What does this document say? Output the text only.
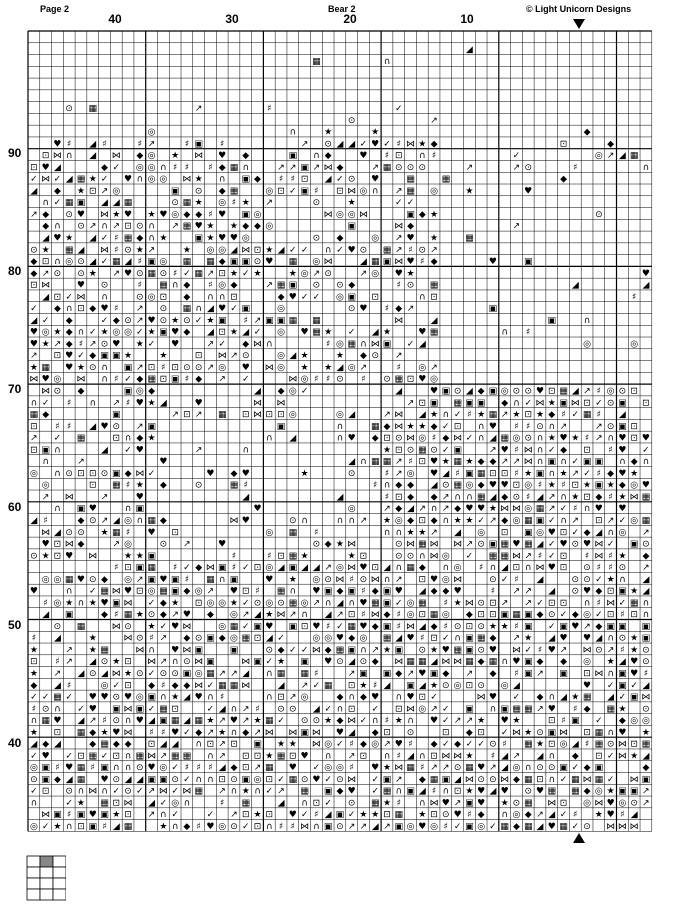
Page 2	Bear 2	© Light Unicorn Designs
40	30	20	10
90
80
70
60
50
40
◢
▦	∩
⊙ ▦	↗	♯	✓
⊙	↗
◎	∩	★	★	◆
♥ ♯ ◢ ♯	♯ ↗	♯ ▣ ♯	↗ ⊙ ◢ ◢ ✓ ♥ ✓ ♯ ⋈ ★ ◆	⊡	◆
⊡ ⋈ ∩ ◢ ⋈ ◆ ◎ ★ ⋈ ♥ ◆	▣ ∩ ◆	♥ ♯ ⊡ ∩ ♯	✓	◎ ↗ ◢ ▦
⊡ ♥ ◢	◆ ✓ ◎ ◎ ∩ ♯ ♯ ♯ ◆ ▦ ∩	↗ ↗ ▣ ↗ ⋈ ◆	↗ ▦ ⊙ ⊙ ⊙	↗	↗ ⊙	♯	∩
✓ ⋈ ✓ ◢ ▦ ★ ✓ ♥ ∩ ◎ ◎ ⋈ ★ ∩ ▣ ◆ ♯ ♯ ⊡ ◢ ✓ ⊙ ♥	▦	▦	◆
◢ ◆ ★ ⊡ ↗ ◎	▣ ⊙ ◆ ▦	◎ ⊡ ✓ ▣ ♯ ⊡ ⋈ ◎ ∩ ↗ ▦ ◎	★	♥
∩ ✓ ▦ ▣ ◢ ◢ ▦	⊙ ▦ ★ ◎ ♯ ★ ↗	⊙	★	✓ ✓
↗ ◆ ⊙ ♥ ⋈ ★ ♥ ★ ♥ ◎ ◆ ◆ ♯ ♥ ▣ ◎	⋈ ◎ ◎ ⋈	▣ ◆ ★	⊙
◆ ∩ ⊙ ↗ ∩ ↗ ⊡ ⊙ ∩ ↗ ▦ ♥ ★ ★ ◆ ◆ ◎	▣	⋈ ◆	↗
◢ ♥ ★ ◢ ✓ ♯ ▦ ◆ ∩ ★	▣ ★ ♥ ♥ ◎	⊙ ◆	◎ ↗ ♥ ★	▦
⊙ ★ ▦ ◢ ⋈ ♯ ⊙ ★ ↗	★ ◎ ◎ ◢ ⋈ ⊡ ★ ◢ ✓ ✓ ∩ ✓ ♥ ⊙ ▦ ↗ ♯ ⊙ ↗
◆ ⊡ ∩ ◎ ⊙ ◢ ✓ ▦ ◢ ♯ ▣ ◎ ▦ ▦ ◆ ▣ ▣ ⊙ ♥ ▦ ◎ ⋈	◢ ▦ ▣ ⋈ ♥ ♯ ◆	♥	▣
◆ ↗ ⊙ ⊙ ★ ↗ ♥ ⊙ ▦ ⊙ ♯ ✓ ▦ ↗ ⊡ ★ ✓ ★	★ ◎ ↗ ⊙	↗ ◎ ♥ ★	♥
⊡ ⋈	♥ ⊙	♯ ▦ ∩ ◆ ♯ ◎ ◆	↗ ▦ ▣ ⊙ ⊙ ◆	♯ ⊙ ▦	◢	◢
◢ ⊡ ✓ ⋈ ∩	⊙ ◎ ⊡ ◆ ∩ ∩ ⊡	◆ ♥ ✓ ✓ ◎ ▣ ⊡	∩ ⊡	♯
✓ ◆ ∩ ⊡ ◆ ♥ ♯ ↗ ⊙ ▦ ∩ ◢ ♥ ✓ ▣	◎	⊙ ♥ ♯ ◆ ↗	▣
◢ ✓ ◆	✓ ◆ ⊙ ↗ ♥ ⊙ ★ ⊙ ✓ ★ ▣ ♯ ↗ ▣ ▣ ▦ ▦	⋈	◢	▣	∩
♥ ◎ ★ ◆ ∩ ✓ ★ ◎ ◎ ✓ ★ ▣ ♥ ◆ ◢ ⊡ ★ ◢ ✓ ◎ ♥ ▦ ★ ✓ ◢ ★	♥ ▦	∩ ♯
♥ ★ ↗ ◆ ♯ ↗ ⊙ ♥ ★ ✓ ♥	↗ ✓ ◆ ⋈ ∩	♯ ◎ ▦ ∩ ⋈ ▣ ✓ ◢	◎	◎
↗ ⊡ ♥ ✓ ◆ ▣ ▣ ★	★	⊡ ⋈ ↗ ⊙	◎ ◢ ★	★ ◆ ⊙ ↗
★ ▦ ♥ ★ ⊙ ∩ ▣ ↗ ⊡ ♯ ⊡ ⊙ ⊙ ↗ ◎ ♥ ⋈ ◎ ★ ★ ◢ ◎ ↗	♯ ◎ ↗
⋈ ♥ ◎ ⋈ ∩ ♯ ✓ ◆ ▦ ⊡ ▣ ♯ ◆ ↗ ✓	⋈ ◎ ♯ ♯ ⊙ ♯ ⊙ ▦ ⊡ ♥ ◎
⋈ ⊙ ◆	▣ ◎ ◆	◢ ◆ ◎ ✓	◢	♥ ▣ ⊙ ◢ ◆ ▣ ◎ ⊙ ⊙ ♥ ⊡ ▦ ◢ ↗ ♯ ◎ ⊙ ⊡
∩ ✓ ♯ ∩ ↗ ♯ ♥ ★ ◢	♥	⋈ ⋈	↗ ⊡ ▣ ▦ ▣ ▣ ◆ ∩ ✓ ⋈ ★ ▣ ⋈ ⊡ ✓ ⊙ ▣ ⊡
▦ ◆	▣	↗ ⊡ ↗ ▦ ⊡ ⋈ ⊡ ⊡ ◎	◎ ◢	↗ ⋈ ◢ ★ ∩ ✓ ♯ ★ ▦ ↗ ★ ⊡ ★ ◆ ♯ ✓ ▦ ♯ ◢
⊡ ♯ ♯ ◢ ♥ ⊙ ↗ ▣	▣	∩	▦ ◆ ⋈ ★ ★ ◆ ✓ ⊡ ∩ ♥ ♯ ♯ ⊙ ∩ ↗	↗ ⊙ ▣ ⊡
↗ ✓ ▦	⊡ ∩ ◆ ★	∩ ◢	∩ ♥ ◆ ⊡ ⊙ ⋈ ◎ ♯ ◆ ⋈ ✓ ∩ ◢ ▦ ◎ ⊙ ∩ ★ ♥ ★ ♯ ↗ ∩ ♥ ⊡ ♥
⊡ ▣ ∩	◢ ✓ ♥	↗	∩	★ ⊡ ⊙ ▦ ⊙ ✓ ▣	↗ ♥ ♯ ⋈ ∩ ✓ ◆ ⊡ ♯ ♥ ✓
∩	↗	♥	◢ ∩ ▦ ▦ ↗ ♯ ⊡ ♥ ★ ▦ ★ ◆ ◆ ↗ ↗ ⋈ ∩ ▣ ∩ ✓ ▣ ▣ ∩ ◆ ∩
◎ ∩ ⊙ ⊡ ⊡ ⊙ ▣ ◆ ⋈ ✓	♥ ◆ ♥	★	⊙	♯ ↗ ◎ ♥ ◢ ♯ ▣ ▦ ⊡ ⊡ ♯ ★ ▣ ∩ ★ ↗ ✓ ♯ ◆ ♥ ★
◎	⊡ ▦ ♯ ★ ◆	⊙	▦ ♯	♯ ∩ ◆ ◆ ◢ ⊙ ▦ ◎ ◆ ♥ ♥ ⊡ ◎ ♯ ★ ♯ ⊡ ★ ▣ ★ ◆ ◎ ♥
↗ ⋈	↗	♥	◢	◢	♯ ⊡ ◆ ◆ ↗ ∩ ∩ ▦ ◢ ◆ ⊙ ♯ ◢ ↗ ∩ ★ ⊡ ◆ ♯ ★ ⋈ ▦
∩ ▣ ♥	∩ ▣	♥	◎	↗ ◆ ◢ ↗ ∩ ↗ ◆ ♥ ♥ ★ ⋈ ⋈ ◎ ▦ ↗ ✓ ♯ ∩ ♥ ♥
◢ ♯	◆ ⊙ ↗ ◢ ◎ ∩ ▦ ◆	⋈ ♥	⊙ ∩	∩ ∩ ↗ ★ ◎ ◆ ⊡ ◆ ∩ ★ ★ ✓ ↗ ◆ ◎ ▦ ▣ ✓ ∩ ↗ ⊡ ↗ ✓ ◎ ▦
⋈ ◢ ⊙ ⊙ ★ ▦ ♯ ♥ ⊡	◎ ▦ ♯	∩ ∩ ★ ★ ↗ ◢ ◎ ⊡ ▣ ◎ ♥ ⊡ ✓ ◆ ◢ ∩ ◎ ↗
♥ ⊡ ⋈ ◆	↗ ◎	⊙ ↗	♥	⊙ ◆ ★ ⋈	⊙ ⋈ ▦ ⋈ ⋈ ↗ ⊙ ▣ ▦ ♥ ▦ ◢ ✓ ♥ ⊙ ♥ ⋈ ✓ ▣ ⊙
⊙ ★ ⊡ ♥ ⋈	★ ★ ▣	♯	♯ ⊡ ▦ ★	★ ⊡	⊙ ⊙ ∩ ⋈ ◎ ✓ ▦ ▦ ⋈ ↗ ♯ ✓ ⊡ ♯ ⋈ ♯ ★ ◆
♯ ⊡ ▣ ▦ ♯ ✓ ◆ ⋈ ▣ ♯ ✓ ⊡ ◎ ◢ ▣ ◢ ◢ ↗ ◎ ⋈ ♥ ⊡ ◢ ∩ ▦ ◆ ∩ ◎ ♯ ∩ ◢ ⊡ ∩ ⋈ ♥ ⊡ ⊙ ♯ ♯ ⊙ ↗
◎ ◎ ▦ ♥ ⊙ ◆ ◎ ↗ ▣ ♥ ▣ ♯ ▦ ∩ ▣	♥ ★ ◎ ⊙ ⋈ ♯ ⊙ ⋈ ∩ ↗ ⊡ ♥ ◎ ⋈	⊙ ✓ ♯ ◢	⊙ ⊙ ✓ ★ ∩ ◢
♥	∩ ✓ ▦ ⋈ ♥ ⊡ ◎ ▦ ▣ ◆ ◎ ↗ ♥ ⊡ ♯ ▦ ∩ ♥ ▣ ◆ ▣ ♯ ◆ ▣ ♥ ◢ ◆ ◆ ♥	♯ ↗ ↗ ◢ ⊙ ♥ ◆ ⊡ ▣ ★ ◢
♯ ◎ ★ ∩ ★ ♥ ▣ ⋈ ✓ ◆ ★ ⊡ ◎ ◎ ★ ✓ ⊙ ◎ ⊙ ▦ ◎ ↗ ∩ ◢ ∩ ♥ ▦ ▣ ✓ ◎ ▦ ♯ ★ ⋈ ⊙ ⊡ ↗ ↗ ✓ ⊡ ⊡ ∩ ♯ ⋈ ✓ ▦ ∩
◢ ▣	◆ ♯ ▦ ★ ⊙ ◆ ↗ ♥ ◆ ◎ ↗ ◢ ★ ⋈ ↗ ∩ ◢ ↗ ⊡ ♯ ⋈ ◆ ♯ ◎ ⊡ ▦ ◎ ◆ ⊡ ⊡ ▣ ▦ ▣ ◆ ⊙ ✓ ◆ ◎ ✓ ⊡ ♯ ⊡ ∩
⊙ ▦	⋈ ⊙ ★ ✓ ♥ ⋈	◎ ▦ ✓ ▣ ♥ ▣ ⊡ ♥ ♯ ✓ ▦ ♥ ◆ ▣ ♯ ⋈ ◢ ◆ ♯ ⊙ ⊡ ⊙ ★ ★ ♯ ▣ ✓ ▣ ♥ ↗ ◆ ▣ ▣ ▣
♯ ◢	★	⋈ ⊙ ♯ ↗ ◆ ⊙ ▣ ◆ ◎ ▦ ⊡ ◢ ✓	◎ ◎ ♥ ◆ ◎ ▦ ◢ ♥ ♯ ⊡ ✓ ∩ ▣ ▦ ◆ ↗ ★ ◢ ♥ ♥ ◢ ∩ ⊙ ★ ▣
★	↗ ★ ▦	⋈ ∩ ♥ ⋈ ▣	▣	⊙ ◆ ✓ ✓ ⋈ ◆ ▦ ▣ ∩ ↗ ★ ▣ ⊙ ★ ♥ ▦ ▣ ⊙ ♥ ⋈ ✓ ♯ ♥ ↗ ⋈ ⊙ ↗ ♯ ★ ⊙
⊡ ♯ ↗ ◢ ⊙ ★ ⊡ ⋈ ↗ ∩ ⊙ ⋈ ▣	⋈ ▣ ✓ ★ ▣ ♥ ⊙ ◢ ⊙ ◆ ⋈ ▦ ▦ ◢ ⋈ ⋈ ▦ ◆ ▦ ∩ ♥ ▣ ◆ ◆ ◎ ★ ◢ ♥ ⊙
★ ↗ ◢ ⊙ ◢ ⋈ ★ ⊙ ✓ ⊙ ⊙ ▣ ◎ ▦ ↗ ↗ ◢ ∩ ▦ ▦ ♯	↗ ▣ ▣ ◆ ↗ ♥ ▣ ◆ ↗ ◆ ♯ ▣ ↗ ▣ ⊡ ⋈ ∩ ▣ ♥ ♯
◆ ◢ ♯	◎ ✓ ⊡ ◆ ♯ ◆ ◆ ⋈ ✓ ▦ ▦ ⋈	◢ ↗ ✓ ▦ ⊡ ★ ♯ ◢ ▣ ◢ ★ ⊙ ◎ ⊡ ⊙ ◎ ◢	♥ ✓ ▣ ✓ ◢
✓ ✓ ▦ ✓ ♥ ♥ ⊙ ♥ ◎ ▣ ∩ ★ ◢ ♥ ∩ ♯	∩ ⊡ ↗ ◎	◆ ∩ ◆ ♥ ∩ ♥ ⊡ ✓	⋈ ♥ ✓ ◆ ∩ ◢ ★ ▦ ◢ ✓ ▣ ⋈
♯ ⊙ ∩ ✓ ♥ ▣ ⋈ ▣ ✓ ▦ ⊡	✓ ◢ ∩ ↗ ♯ ⊙ ⊙ ◢ ✓ ∩ ⊡ ✓ ⊡ ⋈ ◎ ↗ ✓ ▣ ∩ ▣ ▦ ▦ ↗ ♥ ♯ ◆ ▦ ★ ⊙
∩ ▦ ♥ ◢ ↗ ♯ ⊙ ∩ ♥ ◢ ▣ ▦ ◢ ▦ ★ ↗ ♥ ↗ ★ ▦ ✓ ⊙ ⊙ ★ ◆ ⋈ ✓ ∩ ♯ ★ ∩ ♥ ✓ ↗ ↗ ★ ♥ ★	⊡ ♯ ▣ ✓ ◆ ◎ ◎
★ ⊡ ▦ ◆ ★ ♥ ⋈ ♯ ♯ ♥ ✓ ◆ ↗ ★ ∩ ◆ ↗ ⋈ ⋈ ▣ ⋈ ♥ ◢ ◆ ⊡ ⊙	⊡ ◆ ⊡ ✓ ⋈ ★ ⊙ ▣ ⋈ ⊡ ▦ ∩ ♥ ★
◢ ◆ ◢	◆ ▦ ◆ ◆ ⊡ ◢ ◢ ∩ ⊡ ↗ ⊡ ▣ ★ ★ ⋈ ◎ ✓ ♯ ◆ ◎ ↗ ♥ ♯ ◆ ✓ ◆ ✓ ✓ ⊙ ♯ ▦ ★ ⊡ ◎ ◢ ♯ ▦ ⊙ ⋈ ⊡ ▦
✓ ♥ ✓ ⊡ ▦ ✓ ⊡ ∩ ▦ ⋈ ↗ ▦ ▦ ∩ ↗ ⊡ ⊡ ★ ▦ ⊡ ♥ ∩ ↗ ⊡ ∩ ♯ ◢ ∩ ⊡ ⋈ ⋈ ★ ♯ ◢ ↗ ◢ ∩ ◆ ⊡ ✓ ⋈ ★ ◢
◎ ▣ ♯ ♥ ▦ ♯ ▣ ∩ ∩ ⊙ ♥ ◎ ✓ ♯ ♯ ♯ ◢ ◆ ⊡ ↗ ▦ ♥ ✓ ◎ ◎ ♯ ♥ ★ ⋈ ▦ ♯ ↗ ↗ ⊙ ▦ ♥ ↗ ◢ ◎ ∩ ⊙ ⊙ ▣ ✓ ◆ ▣	◆
⊙ ▣ ◆ ◢ ▦ ♥ ⊙ ◢ ◢ ▣ ▣ ⊙ ✓ ∩ ∩ ⊡ ⊙ ▣ ◎ ⊡ ✓ ▦ ⊙ ♥ ✓ ⊙ ⋈ ✓ ▣ ↗ ◆ ▦ ▣ ◢ ⋈ ⊙ ⊙ ⋈ ◆ ▦ ⊡ ∩ ✓ ▦ ⋈ ▦ ✓ ⋈ ▣
✓ ⊡ ⊙ ∩ ⋈ ∩ ✓ ⊙ ✓ ↗ ⋈ ✓ ⋈ ▦ ↗ ∩ ★ ∩ ✓ ↗ ▦ ▣ ◆ ♥ ✓ ▦ ∩ ▣ ◢ ♯ ∩ ⊡ ★ ♥ ◢ ♥ ⊙ ♥ ▦ ▦ ◆ ◎ ★ ▣ ▣ ↗
∩	✓ ★ ▦ ⊡ ⋈ ◢ ✓ ◎ ∩	♯ ▦	◢ ∩ ⊡ ✓ ⊙ ▦ ★ ♯ ∩ ⋈ ♥ ↗ ▣ ♥ ★ ⊙ ▦ ⋈ ⊡ ◎ ⋈ ♥ ◎ ⊙ ↗
⋈ ▣ ♯ ▣ ♥ ▣ ★ ⊡ ↗ ∩ ✓	✓ ↗ ⊡ ★ ⊡ ♥ ✓ ♯ ◢ ▣ ✓ ★ ★ ⊡ ▦ ★ ⊡ ⊙ ♥ ♯ ◆ ∩ ◎ ◆ ↗ ◢ ✓ ♯ ★ ♥ ♯ ◢
◎ ✓ ★ ∩ ⊡ ▣ ♯ ◢ ▦	★ ∩ ◆ ♯ ♥ ◎ ⊙ ✓ ⊡ ∩ ♯ ♯ ⋈ ∩ ▣ ⊙ ↗ ↗ ◢ ↗ ▣ ◎ ♥ ◎ ♯ ✓ ▣ ◎ ✓ ▦ ◆ ▦ ◢ ♥ ▦ ✓ ⊙ ⋈ ⋈ ⋈
